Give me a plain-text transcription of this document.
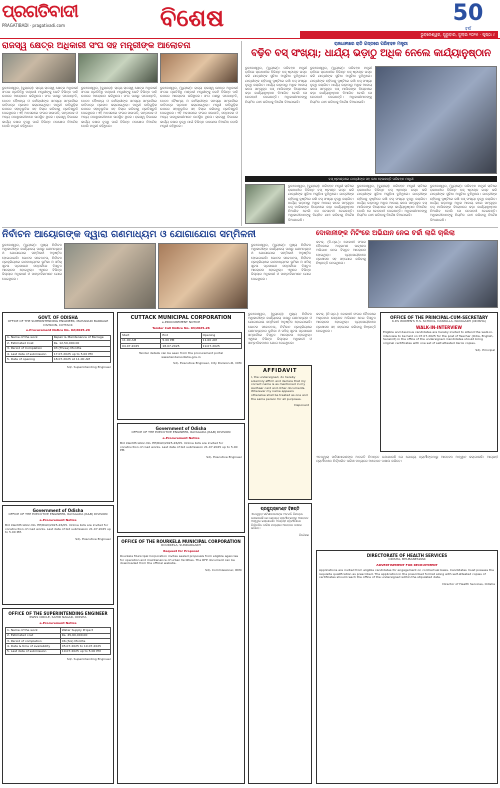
ପ୍ରଗତିବାଦୀ
PRAGATIBADI · pragativadi.com	ବିଶେଷ	50
ବର୍ଷ
ଭୁବନେଶ୍ୱର, ଗୁରୁବାର, ଜୁଲାଇ ୨୦୨୫ · ପୃଷ୍ଠା ୯
ରାଜସ୍ୱ କ୍ଷେତ୍ର ଅଧିକାରୀ ସଂଘ ସହ ମନ୍ତ୍ରୀଙ୍କ ଆଲୋଚନା
ଭୁବନେଶ୍ୱର, (ବ୍ୟୁରୋ): ରାଜ୍ୟ ରାଜସ୍ୱ କ୍ଷେତ୍ର ଅଧିକାରୀ ସଂଘର ପ୍ରତିନିଧି ମଣ୍ଡଳୀ ମନ୍ତ୍ରୀଙ୍କୁ ଭେଟି ବିଭିନ୍ନ ଦାବି ଉପରେ ଆଲୋଚନା କରିଥିଲେ। ସଂଘ ପକ୍ଷରୁ ପଦୋନ୍ନତି, ବେତନ ବୈଷମ୍ୟ ଓ କର୍ମଚାରୀଙ୍କ ସମସ୍ୟା ସମ୍ପର୍କରେ ଦାବିପତ୍ର ପ୍ରଦାନ କରାଯାଇଥିଲା। ମନ୍ତ୍ରୀ ଦାବିଗୁଡ଼ିକ ଉପରେ ସହାନୁଭୂତିର ସହ ବିଚାର କରିବାକୁ ପ୍ରତିଶ୍ରୁତି ଦେଇଥିଲେ। ଏହି ଅବସରରେ ସଂଘର ସଭାପତି, ସମ୍ପାଦକ ଓ ଅନ୍ୟ ପଦାଧିକାରୀମାନେ ଉପସ୍ଥିତ ଥିଲେ। ରାଜସ୍ୱ ବିଭାଗର କାର୍ଯ୍ୟ ଦକ୍ଷତା ବୃଦ୍ଧି ପାଇଁ ବିଭିନ୍ନ ପଦକ୍ଷେପ ନିଆଯିବ ବୋଲି ମନ୍ତ୍ରୀ କହିଥିଲେ।
ଭୁବନେଶ୍ୱର, (ବ୍ୟୁରୋ): ରାଜ୍ୟ ରାଜସ୍ୱ କ୍ଷେତ୍ର ଅଧିକାରୀ ସଂଘର ପ୍ରତିନିଧି ମଣ୍ଡଳୀ ମନ୍ତ୍ରୀଙ୍କୁ ଭେଟି ବିଭିନ୍ନ ଦାବି ଉପରେ ଆଲୋଚନା କରିଥିଲେ। ସଂଘ ପକ୍ଷରୁ ପଦୋନ୍ନତି, ବେତନ ବୈଷମ୍ୟ ଓ କର୍ମଚାରୀଙ୍କ ସମସ୍ୟା ସମ୍ପର୍କରେ ଦାବିପତ୍ର ପ୍ରଦାନ କରାଯାଇଥିଲା। ମନ୍ତ୍ରୀ ଦାବିଗୁଡ଼ିକ ଉପରେ ସହାନୁଭୂତିର ସହ ବିଚାର କରିବାକୁ ପ୍ରତିଶ୍ରୁତି ଦେଇଥିଲେ। ଏହି ଅବସରରେ ସଂଘର ସଭାପତି, ସମ୍ପାଦକ ଓ ଅନ୍ୟ ପଦାଧିକାରୀମାନେ ଉପସ୍ଥିତ ଥିଲେ। ରାଜସ୍ୱ ବିଭାଗର କାର୍ଯ୍ୟ ଦକ୍ଷତା ବୃଦ୍ଧି ପାଇଁ ବିଭିନ୍ନ ପଦକ୍ଷେପ ନିଆଯିବ ବୋଲି ମନ୍ତ୍ରୀ କହିଥିଲେ।
ଭୁବନେଶ୍ୱର, (ବ୍ୟୁରୋ): ରାଜ୍ୟ ରାଜସ୍ୱ କ୍ଷେତ୍ର ଅଧିକାରୀ ସଂଘର ପ୍ରତିନିଧି ମଣ୍ଡଳୀ ମନ୍ତ୍ରୀଙ୍କୁ ଭେଟି ବିଭିନ୍ନ ଦାବି ଉପରେ ଆଲୋଚନା କରିଥିଲେ। ସଂଘ ପକ୍ଷରୁ ପଦୋନ୍ନତି, ବେତନ ବୈଷମ୍ୟ ଓ କର୍ମଚାରୀଙ୍କ ସମସ୍ୟା ସମ୍ପର୍କରେ ଦାବିପତ୍ର ପ୍ରଦାନ କରାଯାଇଥିଲା। ମନ୍ତ୍ରୀ ଦାବିଗୁଡ଼ିକ ଉପରେ ସହାନୁଭୂତିର ସହ ବିଚାର କରିବାକୁ ପ୍ରତିଶ୍ରୁତି ଦେଇଥିଲେ। ଏହି ଅବସରରେ ସଂଘର ସଭାପତି, ସମ୍ପାଦକ ଓ ଅନ୍ୟ ପଦାଧିକାରୀମାନେ ଉପସ୍ଥିତ ଥିଲେ। ରାଜସ୍ୱ ବିଭାଗର କାର୍ଯ୍ୟ ଦକ୍ଷତା ବୃଦ୍ଧି ପାଇଁ ବିଭିନ୍ନ ପଦକ୍ଷେପ ନିଆଯିବ ବୋଲି ମନ୍ତ୍ରୀ କହିଥିଲେ।
ରାଜଧାନୀରେ ରାତି ଗସ୍ତରେ ପରିବହନ ମନ୍ତ୍ରୀ
ବଢ଼ିବ ବସ୍ ସଂଖ୍ୟା; ଧାର୍ଯ୍ୟ ଭଡ଼ାଠୁ ଅଧିକ ନେଲେ କାର୍ଯ୍ୟାନୁଷ୍ଠାନ
ଭୁବନେଶ୍ୱର, (ବ୍ୟୁରୋ): ପରିବହନ ମନ୍ତ୍ରୀ ରାତିରେ ରାଜଧାନୀର ବିଭିନ୍ନ ବସ୍ ଷ୍ଟାଣ୍ଡ ଗସ୍ତ କରି ଯାତ୍ରୀଙ୍କ ସୁବିଧା ଅସୁବିଧା ବୁଝିଥିଲେ। ଯାତ୍ରୀଙ୍କ ଚାହିଦାକୁ ଦୃଷ୍ଟିରେ ରଖି ବସ୍ ସଂଖ୍ୟା ବୃଦ୍ଧି କରାଯିବ। ଧାର୍ଯ୍ୟ ଭଡ଼ାଠାରୁ ଅଧିକ ଆଦାୟ କଲେ ସମ୍ପୃକ୍ତ ବସ୍ ମାଲିକଙ୍କ ବିରୋଧରେ କଡ଼ା କାର୍ଯ୍ୟାନୁଷ୍ଠାନ ନିଆଯିବ ବୋଲି ସେ ଚେତାବନୀ ଦେଇଛନ୍ତି। ଅଧିକାରୀମାନଙ୍କୁ ନିୟମିତ ଯାଞ୍ଚ କରିବାକୁ ନିର୍ଦ୍ଦେଶ ଦିଆଯାଇଛି।
ଭୁବନେଶ୍ୱର, (ବ୍ୟୁରୋ): ପରିବହନ ମନ୍ତ୍ରୀ ରାତିରେ ରାଜଧାନୀର ବିଭିନ୍ନ ବସ୍ ଷ୍ଟାଣ୍ଡ ଗସ୍ତ କରି ଯାତ୍ରୀଙ୍କ ସୁବିଧା ଅସୁବିଧା ବୁଝିଥିଲେ। ଯାତ୍ରୀଙ୍କ ଚାହିଦାକୁ ଦୃଷ୍ଟିରେ ରଖି ବସ୍ ସଂଖ୍ୟା ବୃଦ୍ଧି କରାଯିବ। ଧାର୍ଯ୍ୟ ଭଡ଼ାଠାରୁ ଅଧିକ ଆଦାୟ କଲେ ସମ୍ପୃକ୍ତ ବସ୍ ମାଲିକଙ୍କ ବିରୋଧରେ କଡ଼ା କାର୍ଯ୍ୟାନୁଷ୍ଠାନ ନିଆଯିବ ବୋଲି ସେ ଚେତାବନୀ ଦେଇଛନ୍ତି। ଅଧିକାରୀମାନଙ୍କୁ ନିୟମିତ ଯାଞ୍ଚ କରିବାକୁ ନିର୍ଦ୍ଦେଶ ଦିଆଯାଇଛି।
ବସ୍ ଷ୍ଟାଣ୍ଡରେ ଯାତ୍ରୀଙ୍କ ସହ କଥା ହେଉଛନ୍ତି ପରିବହନ ମନ୍ତ୍ରୀ
ଭୁବନେଶ୍ୱର, (ବ୍ୟୁରୋ): ପରିବହନ ମନ୍ତ୍ରୀ ରାତିରେ ରାଜଧାନୀର ବିଭିନ୍ନ ବସ୍ ଷ୍ଟାଣ୍ଡ ଗସ୍ତ କରି ଯାତ୍ରୀଙ୍କ ସୁବିଧା ଅସୁବିଧା ବୁଝିଥିଲେ। ଯାତ୍ରୀଙ୍କ ଚାହିଦାକୁ ଦୃଷ୍ଟିରେ ରଖି ବସ୍ ସଂଖ୍ୟା ବୃଦ୍ଧି କରାଯିବ। ଧାର୍ଯ୍ୟ ଭଡ଼ାଠାରୁ ଅଧିକ ଆଦାୟ କଲେ ସମ୍ପୃକ୍ତ ବସ୍ ମାଲିକଙ୍କ ବିରୋଧରେ କଡ଼ା କାର୍ଯ୍ୟାନୁଷ୍ଠାନ ନିଆଯିବ ବୋଲି ସେ ଚେତାବନୀ ଦେଇଛନ୍ତି। ଅଧିକାରୀମାନଙ୍କୁ ନିୟମିତ ଯାଞ୍ଚ କରିବାକୁ ନିର୍ଦ୍ଦେଶ ଦିଆଯାଇଛି।
ଭୁବନେଶ୍ୱର, (ବ୍ୟୁରୋ): ପରିବହନ ମନ୍ତ୍ରୀ ରାତିରେ ରାଜଧାନୀର ବିଭିନ୍ନ ବସ୍ ଷ୍ଟାଣ୍ଡ ଗସ୍ତ କରି ଯାତ୍ରୀଙ୍କ ସୁବିଧା ଅସୁବିଧା ବୁଝିଥିଲେ। ଯାତ୍ରୀଙ୍କ ଚାହିଦାକୁ ଦୃଷ୍ଟିରେ ରଖି ବସ୍ ସଂଖ୍ୟା ବୃଦ୍ଧି କରାଯିବ। ଧାର୍ଯ୍ୟ ଭଡ଼ାଠାରୁ ଅଧିକ ଆଦାୟ କଲେ ସମ୍ପୃକ୍ତ ବସ୍ ମାଲିକଙ୍କ ବିରୋଧରେ କଡ଼ା କାର୍ଯ୍ୟାନୁଷ୍ଠାନ ନିଆଯିବ ବୋଲି ସେ ଚେତାବନୀ ଦେଇଛନ୍ତି। ଅଧିକାରୀମାନଙ୍କୁ ନିୟମିତ ଯାଞ୍ଚ କରିବାକୁ ନିର୍ଦ୍ଦେଶ ଦିଆଯାଇଛି।
ଭୁବନେଶ୍ୱର, (ବ୍ୟୁରୋ): ପରିବହନ ମନ୍ତ୍ରୀ ରାତିରେ ରାଜଧାନୀର ବିଭିନ୍ନ ବସ୍ ଷ୍ଟାଣ୍ଡ ଗସ୍ତ କରି ଯାତ୍ରୀଙ୍କ ସୁବିଧା ଅସୁବିଧା ବୁଝିଥିଲେ। ଯାତ୍ରୀଙ୍କ ଚାହିଦାକୁ ଦୃଷ୍ଟିରେ ରଖି ବସ୍ ସଂଖ୍ୟା ବୃଦ୍ଧି କରାଯିବ। ଧାର୍ଯ୍ୟ ଭଡ଼ାଠାରୁ ଅଧିକ ଆଦାୟ କଲେ ସମ୍ପୃକ୍ତ ବସ୍ ମାଲିକଙ୍କ ବିରୋଧରେ କଡ଼ା କାର୍ଯ୍ୟାନୁଷ୍ଠାନ ନିଆଯିବ ବୋଲି ସେ ଚେତାବନୀ ଦେଇଛନ୍ତି। ଅଧିକାରୀମାନଙ୍କୁ ନିୟମିତ ଯାଞ୍ଚ କରିବାକୁ ନିର୍ଦ୍ଦେଶ ଦିଆଯାଇଛି।
ନିର୍ବାଚନ ଆୟୋଗଙ୍କ ଦ୍ୱାରା ଗଣମାଧ୍ୟମ ଓ ଯୋଗାଯୋଗ ସମ୍ମିଳନୀ
ଭୁବନେଶ୍ୱର, (ବ୍ୟୁରୋ): ମୁଖ୍ୟ ନିର୍ବାଚନ ଅଧିକାରୀଙ୍କ କାର୍ଯ୍ୟାଳୟ ପକ୍ଷରୁ ଗଣମାଧ୍ୟମ ଓ ଯୋଗାଯୋଗ ସମ୍ମିଳନୀ ଅନୁଷ୍ଠିତ ହୋଇଯାଇଛି। ଭୋଟର ସଚେତନତା, ନିର୍ବାଚନ ପ୍ରକ୍ରିୟାରେ ଗଣମାଧ୍ୟମର ଭୂମିକା ଓ ସଠିକ୍ ସୂଚନା ପ୍ରସାରଣ ସମ୍ପର୍କରେ ବିସ୍ତୃତ ଆଲୋଚନା ହୋଇଥିଲା। ଏଥିରେ ବିଭିନ୍ନ ଜିଲ୍ଲାର ଅଧିକାରୀ ଓ ସାମ୍ବାଦିକମାନେ ଯୋଗ ଦେଇଥିଲେ।
ଭୁବନେଶ୍ୱର, (ବ୍ୟୁରୋ): ମୁଖ୍ୟ ନିର୍ବାଚନ ଅଧିକାରୀଙ୍କ କାର୍ଯ୍ୟାଳୟ ପକ୍ଷରୁ ଗଣମାଧ୍ୟମ ଓ ଯୋଗାଯୋଗ ସମ୍ମିଳନୀ ଅନୁଷ୍ଠିତ ହୋଇଯାଇଛି। ଭୋଟର ସଚେତନତା, ନିର୍ବାଚନ ପ୍ରକ୍ରିୟାରେ ଗଣମାଧ୍ୟମର ଭୂମିକା ଓ ସଠିକ୍ ସୂଚନା ପ୍ରସାରଣ ସମ୍ପର୍କରେ ବିସ୍ତୃତ ଆଲୋଚନା ହୋଇଥିଲା। ଏଥିରେ ବିଭିନ୍ନ ଜିଲ୍ଲାର ଅଧିକାରୀ ଓ ସାମ୍ବାଦିକମାନେ ଯୋଗ ଦେଇଥିଲେ।
ଦୋକାନୀଙ୍କ ମିଟିଂରେ ଅଭିଯାନ ନେଇ ଚର୍ଚ୍ଚା ଲାଗି ଚାଲିଲା
କଟକ, (ନି.ପ୍ର.): ଦୋକାନୀ ସଂଘର ବୈଠକରେ ଅକ୍ରମଣ ଉଚ୍ଛେଦ ଅଭିଯାନ ନେଇ ବିସ୍ତୃତ ଆଲୋଚନା ହୋଇଥିଲା। ବ୍ୟବସାୟୀମାନେ ପ୍ରଶାସନ ସହ ସହଯୋଗ କରିବାକୁ ନିଷ୍ପତ୍ତି ନେଇଥିଲେ।
GOVT. OF ODISHA
OFFICE OF THE SUPERINTENDING ENGINEER, MAHANADI BARRAGE DIVISION, CUTTACK
e-Procurement Notice No. 02/2025-26
1. Name of the work	Repair & Maintenance of Barrage
2. Estimated Cost	Rs. 12,50,000.00
3. Period of Completion	03 (Three) Months
4. Last date of submission	17.07.2025 up to 5.00 PM
5. Date of opening	18.07.2025 at 11.00 AM
Sd/- Superintending Engineer
Government of Odisha
OFFICE OF THE EXECUTIVE ENGINEER, RAYAGADA (R&B) DIVISION
e-Procurement Notice
Bid Identification No. EE/RGD/2025-26/05. Online bids are invited for construction of road works. Last date of bid submission 21.07.2025 up to 5.00 PM.
Sd/- Executive Engineer
OFFICE OF THE SUPERINTENDING ENGINEER
RWSS CIRCLE, SAHID NAGAR, ODISHA
e-Procurement Notice
1. Name of the work	Water Supply Project
2. Estimated cost	Rs. 45,60,000.00
3. Period of completion	06 (Six) Months
4. Date & time of availability	05.07.2025 to 19.07.2025
5. Last date of submission	19.07.2025 up to 5.00 PM
Sd/- Superintending Engineer
CUTTACK MUNICIPAL CORPORATION
e-PROCUREMENT NOTICE
Tender Call Notice No. 04/2025-26
Start	End	Opening
11.00 AM	5.00 PM	11.00 AM
04.07.2025	18.07.2025	19.07.2025
Tender details can be seen from the procurement portal www.tendersodisha.gov.in
Sd/- Executive Engineer, City Division-III, CMC
Government of Odisha
OFFICE OF THE EXECUTIVE ENGINEER, RAYAGADA (R&B) DIVISION
e-Procurement Notice
Bid Identification No. EE/RGD/2025-26/05. Online bids are invited for construction of road works. Last date of bid submission 21.07.2025 up to 5.00 PM.
Sd/- Executive Engineer
OFFICE OF THE ROURKELA MUNICIPAL CORPORATION
ROURKELA, SUNDARGARH
Request for Proposal
Rourkela Municipal Corporation invites sealed proposals from eligible agencies for operation and maintenance of urban facilities. The RFP document can be downloaded from the official website.
Sd/- Commissioner, RMC
ଭୁବନେଶ୍ୱର, (ବ୍ୟୁରୋ): ମୁଖ୍ୟ ନିର୍ବାଚନ ଅଧିକାରୀଙ୍କ କାର୍ଯ୍ୟାଳୟ ପକ୍ଷରୁ ଗଣମାଧ୍ୟମ ଓ ଯୋଗାଯୋଗ ସମ୍ମିଳନୀ ଅନୁଷ୍ଠିତ ହୋଇଯାଇଛି। ଭୋଟର ସଚେତନତା, ନିର୍ବାଚନ ପ୍ରକ୍ରିୟାରେ ଗଣମାଧ୍ୟମର ଭୂମିକା ଓ ସଠିକ୍ ସୂଚନା ପ୍ରସାରଣ ସମ୍ପର୍କରେ ବିସ୍ତୃତ ଆଲୋଚନା ହୋଇଥିଲା। ଏଥିରେ ବିଭିନ୍ନ ଜିଲ୍ଲାର ଅଧିକାରୀ ଓ ସାମ୍ବାଦିକମାନେ ଯୋଗ ଦେଇଥିଲେ।
AFFIDAVIT
I, the undersigned, do hereby solemnly affirm and declare that my correct name is as mentioned in my Aadhaar card and other documents. Wherever my name appears otherwise shall be treated as one and the same person for all purposes.
Deponent
ପ୍ରକ୍ୟୁର୍‌ମେଣ୍ଟ ବିଜ୍ଞପ୍ତି
ଏତଦ୍ୱାରା ସର୍ବସାଧାରଣଙ୍କ ଅବଗତି ନିମନ୍ତେ ଜଣାଯାଉଛି ଯେ ଯୋଗ୍ୟ ପ୍ରାର୍ଥୀଙ୍କଠାରୁ ଆବେଦନ ଆହ୍ୱାନ କରାଯାଉଛି। ଆଗ୍ରହୀ ପ୍ରାର୍ଥୀମାନେ ନିର୍ଦ୍ଧାରିତ ତାରିଖ ମଧ୍ୟରେ ଆବେଦନ ଦାଖଲ କରିବେ।
ନିର୍ଦ୍ଦେଶକ
କଟକ, (ନି.ପ୍ର.): ଦୋକାନୀ ସଂଘର ବୈଠକରେ ଅକ୍ରମଣ ଉଚ୍ଛେଦ ଅଭିଯାନ ନେଇ ବିସ୍ତୃତ ଆଲୋଚନା ହୋଇଥିଲା। ବ୍ୟବସାୟୀମାନେ ପ୍ରଶାସନ ସହ ସହଯୋଗ କରିବାକୁ ନିଷ୍ପତ୍ତି ନେଇଥିଲେ।
OFFICE OF THE PRINCIPAL-CUM-SECRETARY
K.P.S WOMEN'S H.S. SCHOOL, DASPALLA, NAYAGARH (ODISHA)
WALK-IN-INTERVIEW
Eligible and desirous candidates are hereby invited to attend the walk-in-interview to be held on 07.07.2025 for the post of Teacher (Odia, English, Sanskrit) in the office of the undersigned. Candidates should bring original certificates with one set of self-attested Xerox copies.
Sd/- Principal
ଏତଦ୍ୱାରା ସର୍ବସାଧାରଣଙ୍କ ଅବଗତି ନିମନ୍ତେ ଜଣାଯାଉଛି ଯେ ଯୋଗ୍ୟ ପ୍ରାର୍ଥୀଙ୍କଠାରୁ ଆବେଦନ ଆହ୍ୱାନ କରାଯାଉଛି। ଆଗ୍ରହୀ ପ୍ରାର୍ଥୀମାନେ ନିର୍ଦ୍ଧାରିତ ତାରିଖ ମଧ୍ୟରେ ଆବେଦନ ଦାଖଲ କରିବେ।
DIRECTORATE OF HEALTH SERVICES
ODISHA, BHUBANESWAR
ADVERTISEMENT FOR RECRUITMENT
Applications are invited from eligible candidates for engagement on contractual basis. Candidates must possess the requisite qualification as prescribed. The application in the prescribed format along with self-attested copies of certificates should reach the office of the undersigned within the stipulated date.
Director of Health Services, Odisha
